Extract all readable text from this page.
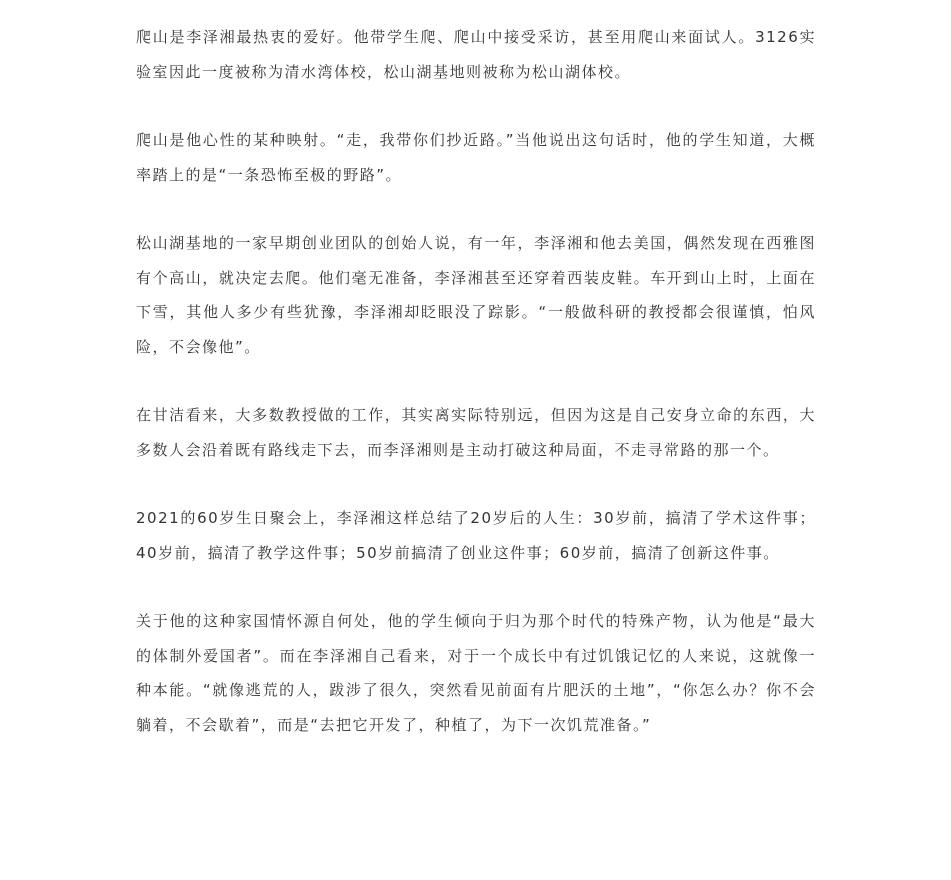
爬山是李泽湘最热衷的爱好。他带学生爬、爬山中接受采访，甚至用爬山来面试人。3126实验室因此一度被称为清水湾体校，松山湖基地则被称为松山湖体校。

爬山是他心性的某种映射。“走，我带你们抄近路。”当他说出这句话时，他的学生知道，大概率踏上的是“一条恐怖至极的野路”。

松山湖基地的一家早期创业团队的创始人说，有一年，李泽湘和他去美国，偶然发现在西雅图有个高山，就决定去爬。他们毫无准备，李泽湘甚至还穿着西装皮鞋。车开到山上时，上面在下雪，其他人多少有些犹豫，李泽湘却眨眼没了踪影。“一般做科研的教授都会很谨慎，怕风险，不会像他”。

在甘洁看来，大多数教授做的工作，其实离实际特别远，但因为这是自己安身立命的东西，大多数人会沿着既有路线走下去，而李泽湘则是主动打破这种局面，不走寻常路的那一个。

2021的60岁生日聚会上，李泽湘这样总结了20岁后的人生：30岁前，搞清了学术这件事；40岁前，搞清了教学这件事；50岁前搞清了创业这件事；60岁前，搞清了创新这件事。

关于他的这种家国情怀源自何处，他的学生倾向于归为那个时代的特殊产物，认为他是“最大的体制外爱国者”。而在李泽湘自己看来，对于一个成长中有过饥饿记忆的人来说，这就像一种本能。“就像逃荒的人，跋涉了很久，突然看见前面有片肥沃的土地”，“你怎么办？你不会躺着，不会歇着”，而是“去把它开发了，种植了，为下一次饥荒准备。”
